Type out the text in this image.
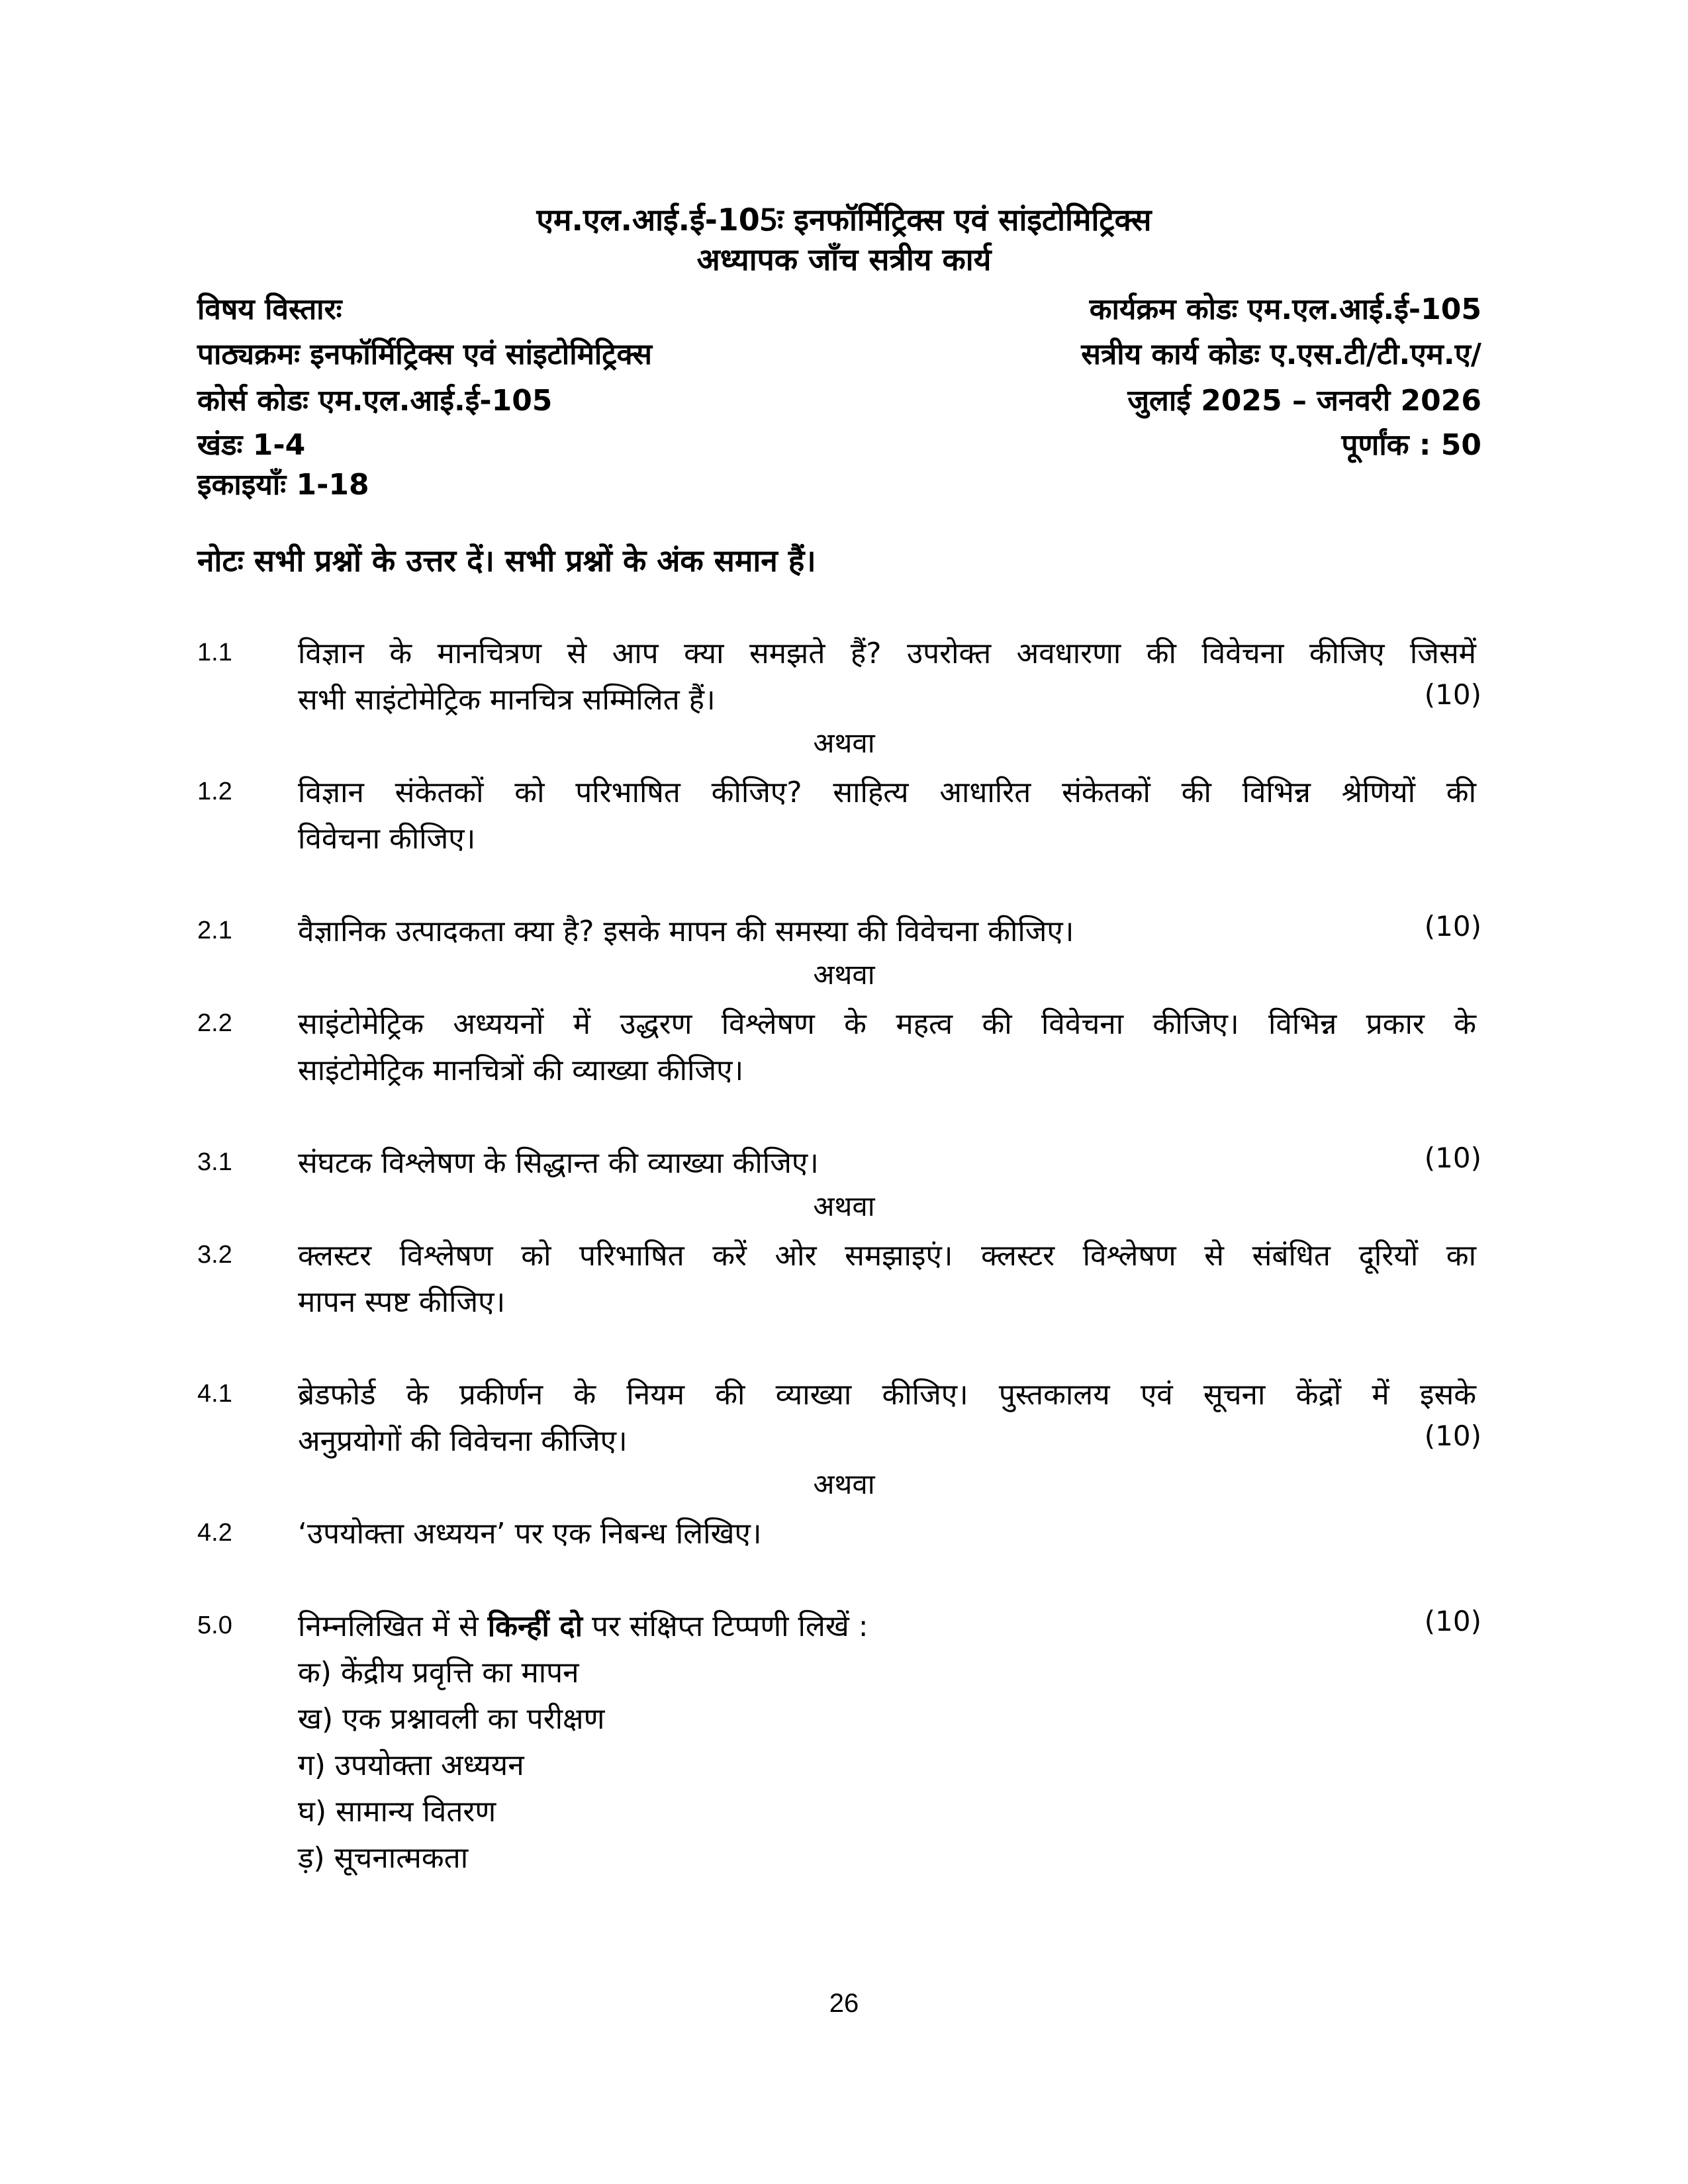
एम.एल.आई.ई-105ः इनफॉर्मिट्रिक्स एवं सांइटोमिट्रिक्स
अध्यापक जाँच सत्रीय कार्य
विषय विस्तारः	कार्यक्रम कोडः एम.एल.आई.ई-105
पाठ्यक्रमः इनफॉर्मिट्रिक्स एवं सांइटोमिट्रिक्स	सत्रीय कार्य कोडः ए.एस.टी/टी.एम.ए/
कोर्स कोडः एम.एल.आई.ई-105	जुलाई 2025 – जनवरी 2026
खंडः 1-4	पूर्णांक : 50
इकाइयाँः 1-18
नोटः सभी प्रश्नों के उत्तर दें। सभी प्रश्नों के अंक समान हैं।
1.1 विज्ञान के मानचित्रण से आप क्या समझते हैं? उपरोक्त अवधारणा की विवेचना कीजिए जिसमें
सभी साइंटोमेट्रिक मानचित्र सम्मिलित हैं।	(10)
अथवा
1.2 विज्ञान संकेतकों को परिभाषित कीजिए? साहित्य आधारित संकेतकों की विभिन्न श्रेणियों की
विवेचना कीजिए।
2.1 वैज्ञानिक उत्पादकता क्या है? इसके मापन की समस्या की विवेचना कीजिए।	(10)
अथवा
2.2 साइंटोमेट्रिक अध्ययनों में उद्धरण विश्लेषण के महत्व की विवेचना कीजिए। विभिन्न प्रकार के
साइंटोमेट्रिक मानचित्रों की व्याख्या कीजिए।
3.1 संघटक विश्लेषण के सिद्धान्त की व्याख्या कीजिए।	(10)
अथवा
3.2 क्लस्टर विश्लेषण को परिभाषित करें ओर समझाइएं। क्लस्टर विश्लेषण से संबंधित दूरियों का
मापन स्पष्ट कीजिए।
4.1 ब्रेडफोर्ड के प्रकीर्णन के नियम की व्याख्या कीजिए। पुस्तकालय एवं सूचना केंद्रों में इसके
अनुप्रयोगों की विवेचना कीजिए।	(10)
अथवा
4.2 ‘उपयोक्ता अध्ययन’ पर एक निबन्ध लिखिए।
5.0 निम्नलिखित में से किन्हीं दो पर संक्षिप्त टिप्पणी लिखें :	(10)
क) केंद्रीय प्रवृत्ति का मापन
ख) एक प्रश्नावली का परीक्षण
ग) उपयोक्ता अध्ययन
घ) सामान्य वितरण
ड़) सूचनात्मकता
26
